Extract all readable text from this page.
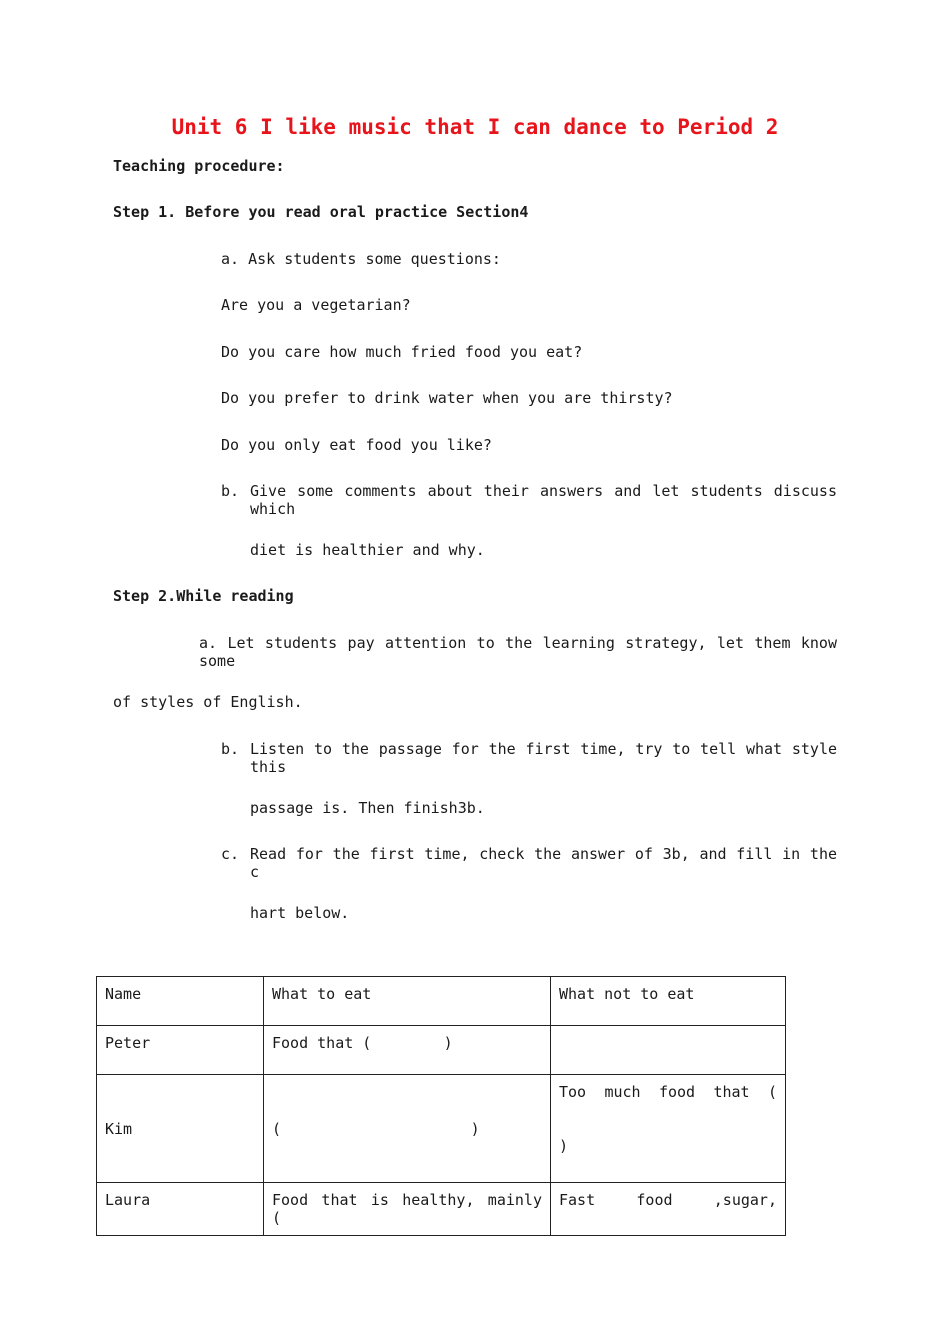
Unit 6 I like music that I can dance to Period 2
Teaching procedure:
Step 1. Before you read oral practice Section4
a. Ask students some questions:
Are you a vegetarian?
Do you care how much fried food you eat?
Do you prefer to drink water when you are thirsty?
Do you only eat food you like?
b. Give some comments about their answers and let students discuss which
diet is healthier and why.
Step 2.While reading
a. Let students pay attention to the learning strategy, let them know some
of styles of English.
b. Listen to the passage for the first time, try to tell what style this
passage is. Then finish3b.
c. Read for the first time, check the answer of 3b, and fill in the c
hart below.
Name	What to eat	What not to eat
Peter	Food that (        )	
Kim	(                     )	Too much food that (
)

Laura	Food that is healthy, mainly (	Fast food ,sugar,
